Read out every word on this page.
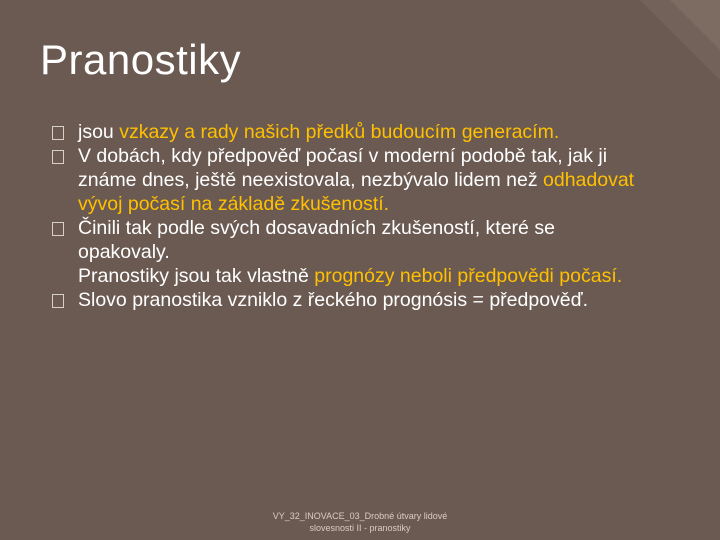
Pranostiky
jsou vzkazy a rady našich předků budoucím generacím.
V dobách, kdy předpověď počasí v moderní podobě tak, jak ji známe dnes, ještě neexistovala, nezbývalo lidem než odhadovat vývoj počasí na základě zkušeností.
Činili tak podle svých dosavadních zkušeností, které se opakovaly.
Pranostiky jsou tak vlastně prognózy neboli předpovědi počasí.
Slovo pranostika vzniklo z řeckého prognósis = předpověď.
VY_32_INOVACE_03_Drobné útvary lidové
slovesnosti II - pranostiky
